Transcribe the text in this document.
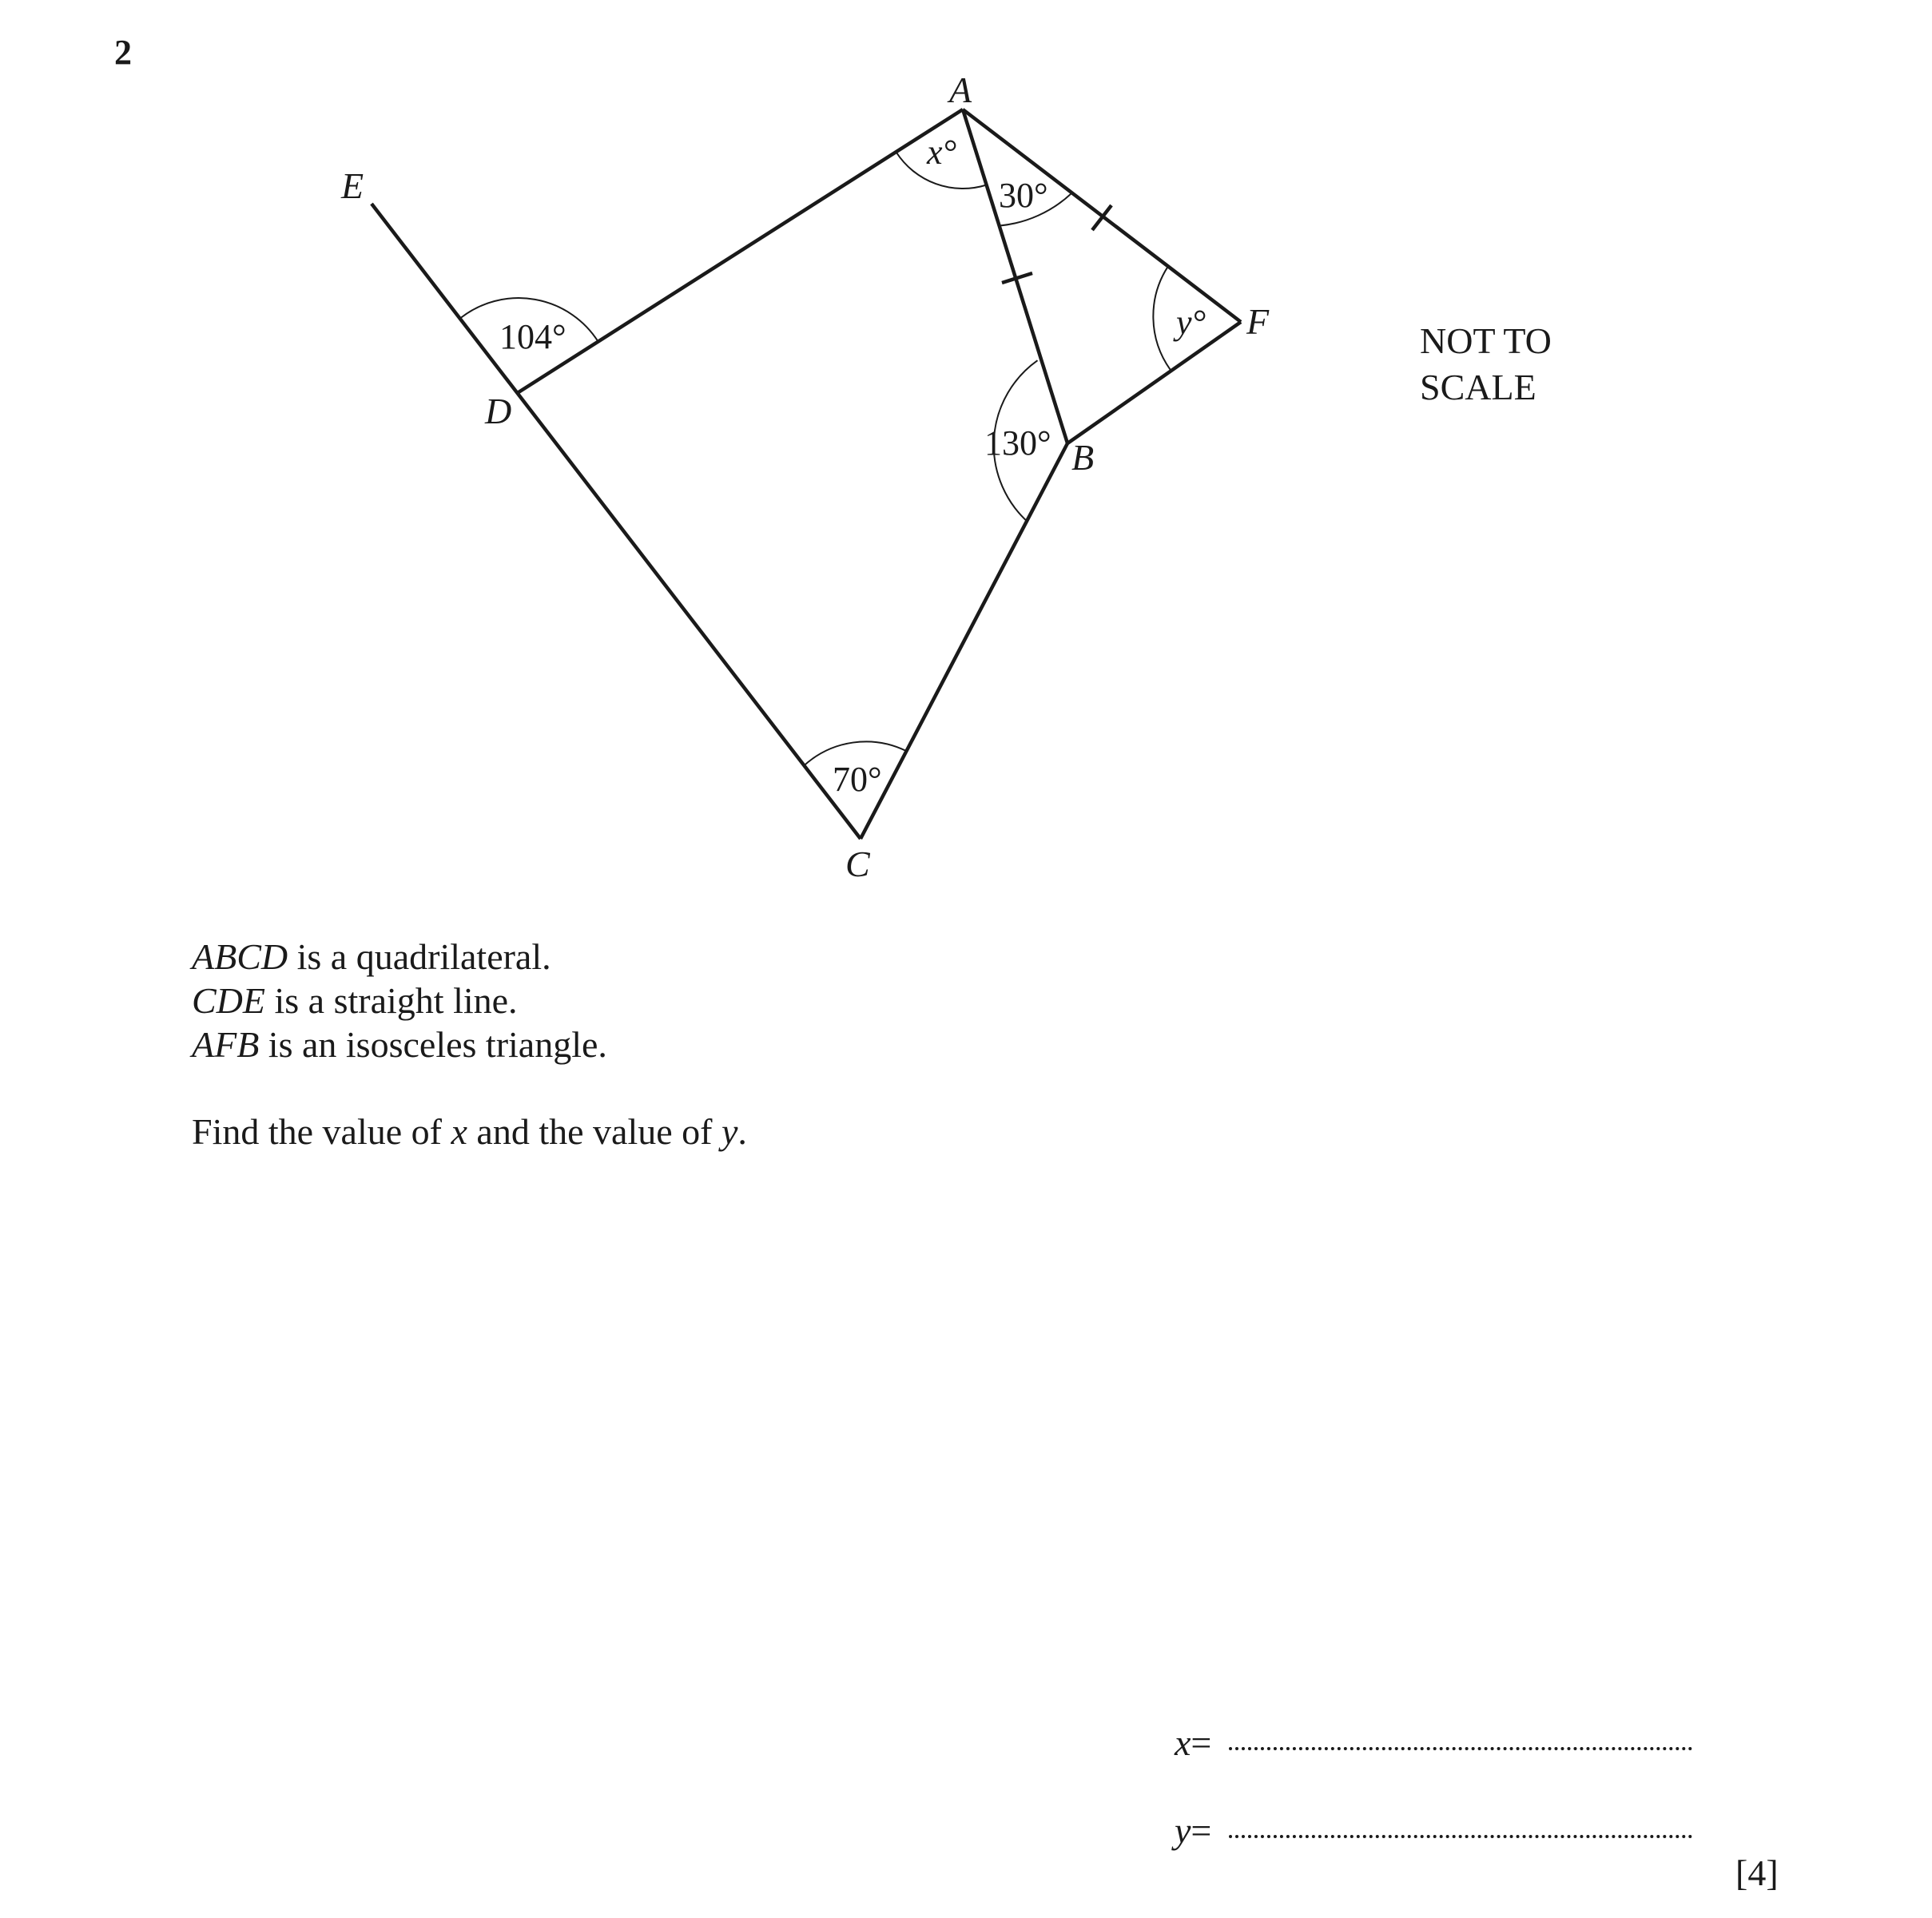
2
A
E
F
D
B
C
x°
30°
y°
104°
130°
70°
NOT TO
SCALE
ABCD is a quadrilateral.
CDE is a straight line.
AFB is an isosceles triangle.
Find the value of x and the value of y.
x =
y =
[4]
